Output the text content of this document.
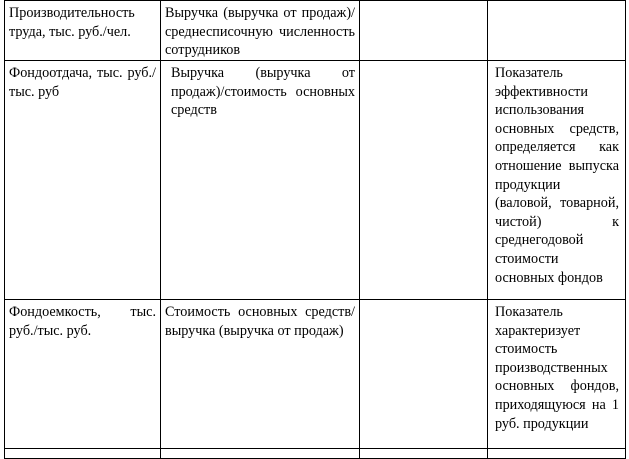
Производительность труда, тыс. руб./чел.	Выручка (выручка от продаж)/среднесписочную численность сотрудников		
Фондоотдача, тыс. руб./тыс. руб	Выручка (выручка от продаж)/стоимость основных средств		Показатель эффективности использования основных средств, определяется как отношение выпуска продукции (валовой, товарной, чистой) к среднегодовой стоимости основных фондов
Фондоемкость, тыс. руб./тыс. руб.	Стоимость основных средств/выручка (выручка от продаж)		Показатель характеризует стоимость производственных основных фондов, приходящуюся на 1 руб. продукции
